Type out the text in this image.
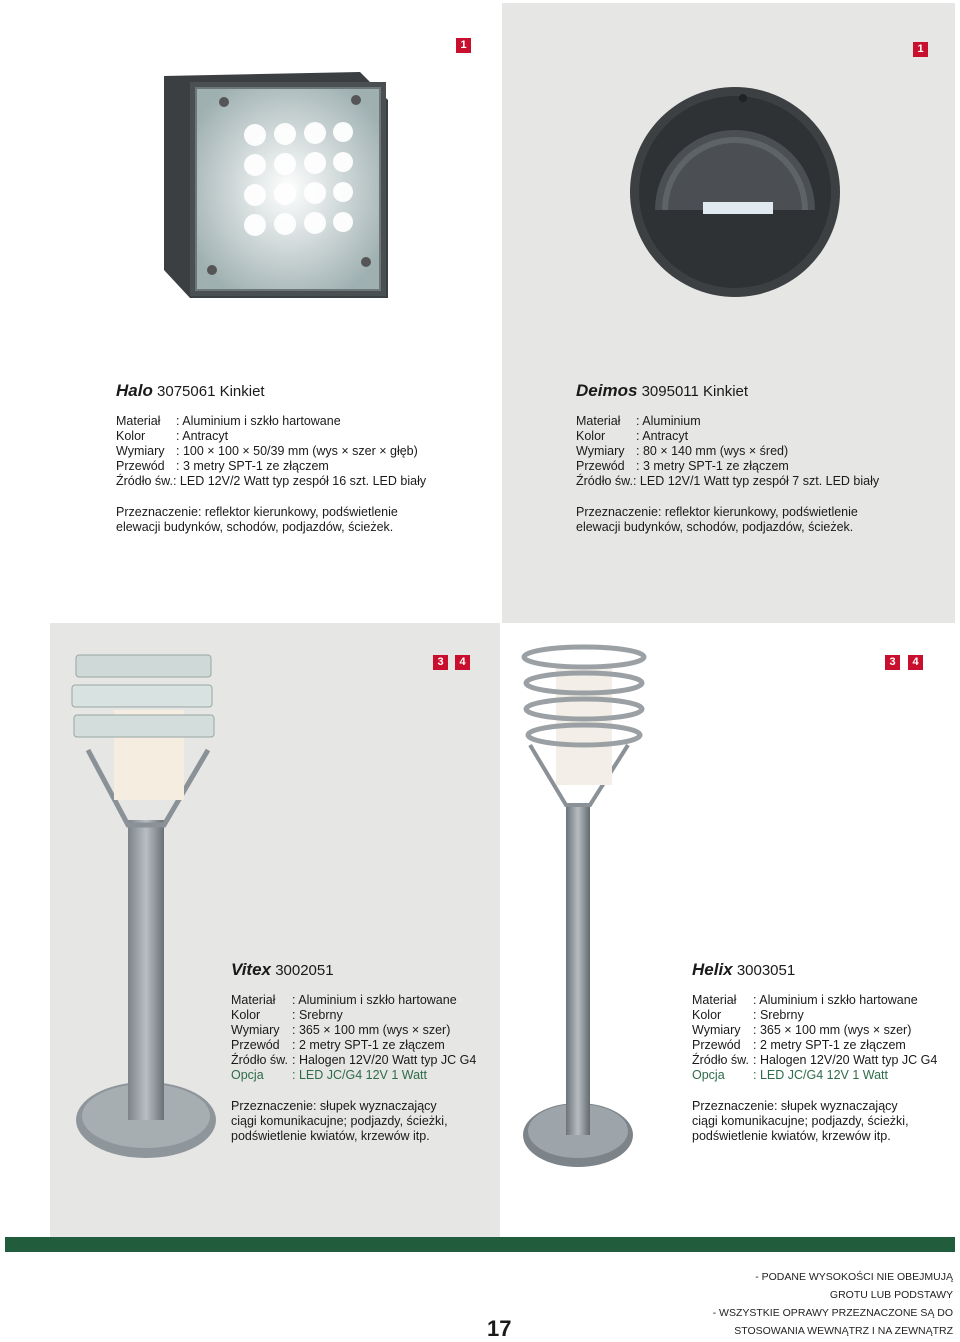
1	1
3	4	3	4
Halo 3075061 Kinkiet
Materiał	: Aluminium i szkło hartowane
Kolor	: Antracyt
Wymiary : 100 × 100 × 50/39 mm (wys × szer × głęb)
Przewód : 3 metry SPT-1 ze złączem
Źródło św. : LED 12V/2 Watt typ zespół 16 szt. LED biały
Przeznaczenie: reflektor kierunkowy, podświetlenie
elewacji budynków, schodów, podjazdów, ścieżek.
Deimos 3095011 Kinkiet
Materiał	: Aluminium
Kolor	: Antracyt
Wymiary : 80 × 140 mm (wys × śred)
Przewód : 3 metry SPT-1 ze złączem
Źródło św. : LED 12V/1 Watt typ zespół 7 szt. LED biały
Przeznaczenie: reflektor kierunkowy, podświetlenie
elewacji budynków, schodów, podjazdów, ścieżek.
Vitex 3002051
Materiał	: Aluminium i szkło hartowane
Kolor	: Srebrny
Wymiary	: 365 × 100 mm (wys × szer)
Przewód : 2 metry SPT-1 ze złączem
Źródło św. : Halogen 12V/20 Watt typ JC G4
Opcja	: LED JC/G4 12V 1 Watt
Przeznaczenie: słupek wyznaczający
ciągi komunikacujne; podjazdy, ścieżki,
podświetlenie kwiatów, krzewów itp.
Helix 3003051
Materiał	: Aluminium i szkło hartowane
Kolor	: Srebrny
Wymiary	: 365 × 100 mm (wys × szer)
Przewód : 2 metry SPT-1 ze złączem
Źródło św. : Halogen 12V/20 Watt typ JC G4
Opcja	: LED JC/G4 12V 1 Watt
Przeznaczenie: słupek wyznaczający
ciągi komunikacujne; podjazdy, ścieżki,
podświetlenie kwiatów, krzewów itp.
17
- PODANE WYSOKOŚCI NIE OBEJMUJĄ
GROTU LUB PODSTAWY
- WSZYSTKIE OPRAWY PRZEZNACZONE SĄ DO
STOSOWANIA WEWNĄTRZ I NA ZEWNĄTRZ
